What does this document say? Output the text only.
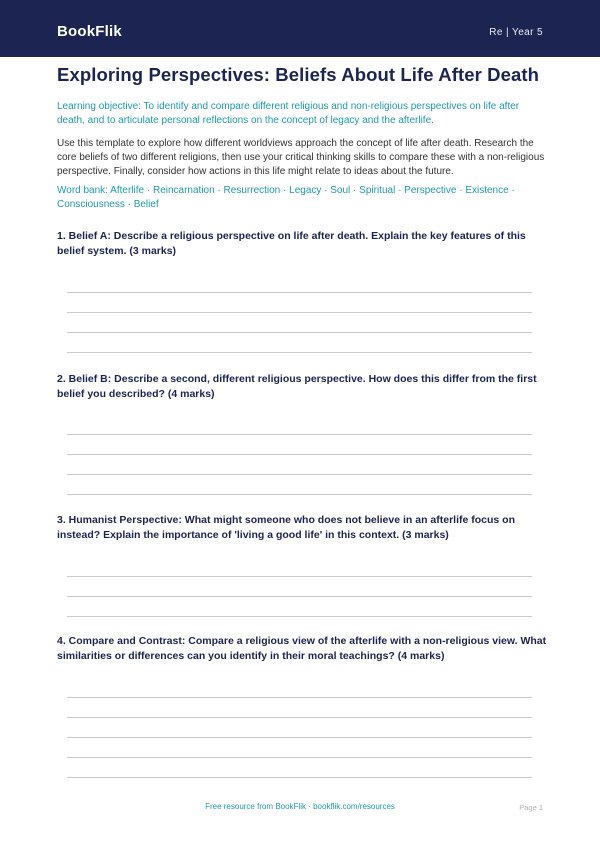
BookFlik	Re | Year 5
Exploring Perspectives: Beliefs About Life After Death

Learning objective: To identify and compare different religious and non-religious perspectives on life after death, and to articulate personal reflections on the concept of legacy and the afterlife.

Use this template to explore how different worldviews approach the concept of life after death. Research the core beliefs of two different religions, then use your critical thinking skills to compare these with a non-religious perspective. Finally, consider how actions in this life might relate to ideas about the future.

Word bank: Afterlife · Reincarnation · Resurrection · Legacy · Soul · Spiritual · Perspective · Existence · Consciousness · Belief

1. Belief A: Describe a religious perspective on life after death. Explain the key features of this belief system. (3 marks)

2. Belief B: Describe a second, different religious perspective. How does this differ from the first belief you described? (4 marks)

3. Humanist Perspective: What might someone who does not believe in an afterlife focus on instead? Explain the importance of 'living a good life' in this context. (3 marks)

4. Compare and Contrast: Compare a religious view of the afterlife with a non-religious view. What similarities or differences can you identify in their moral teachings? (4 marks)

Free resource from BookFlik · bookflik.com/resources	Page 1
